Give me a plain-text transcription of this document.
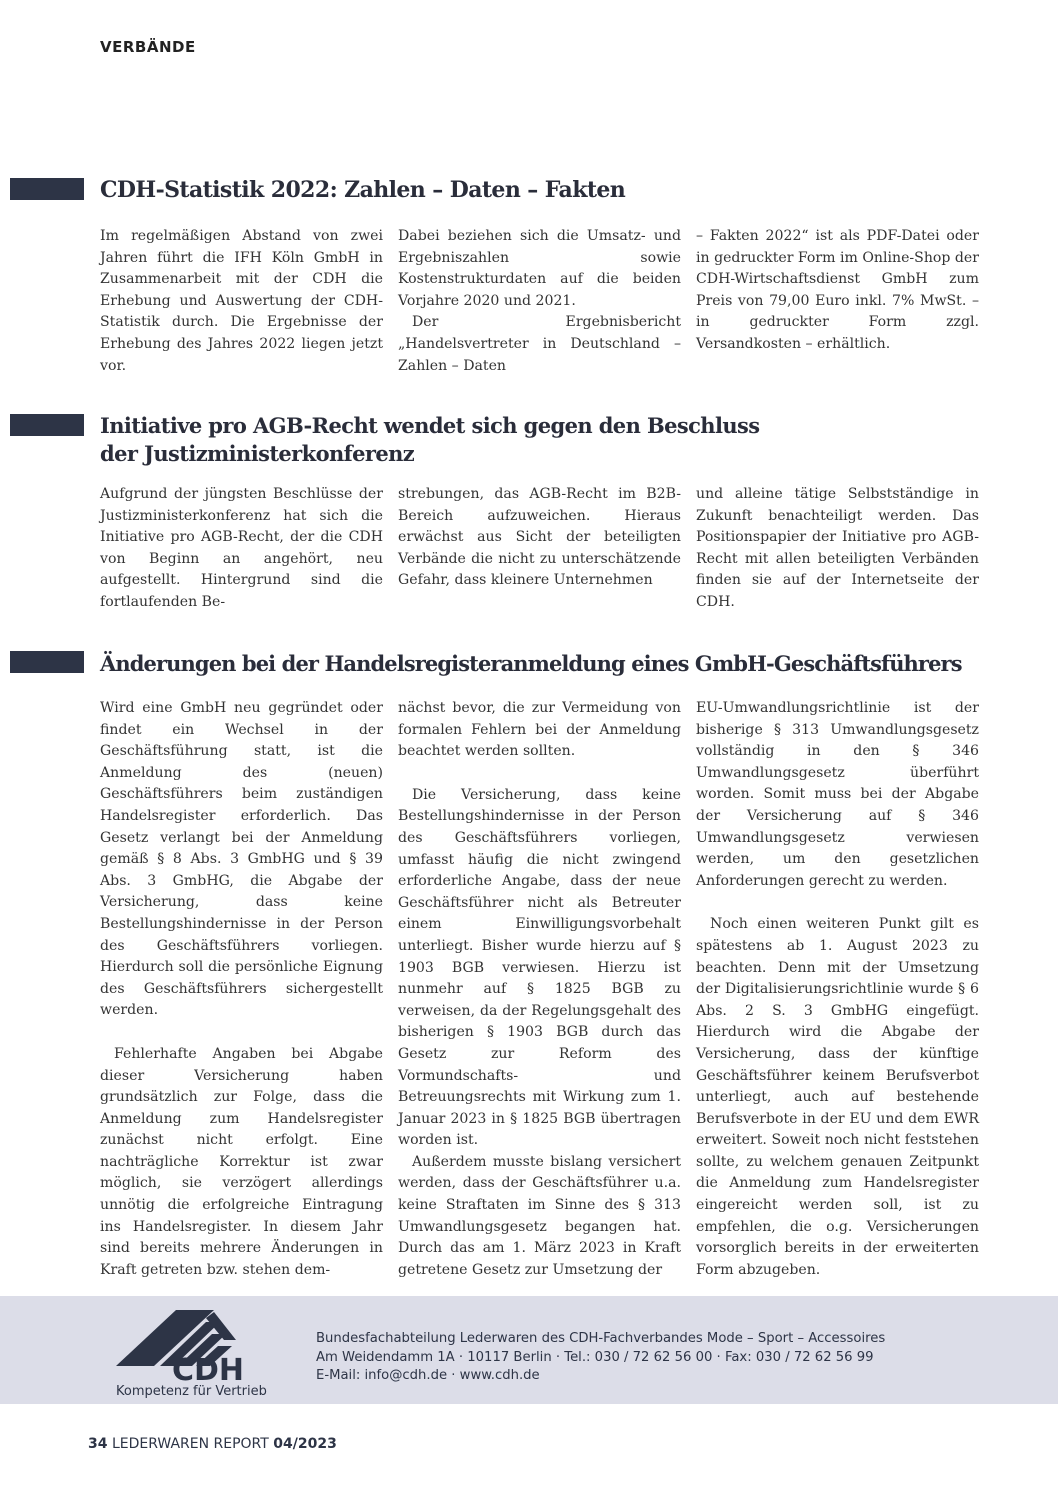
VERBÄNDE
CDH-Statistik 2022: Zahlen – Daten – Fakten

Im regelmäßigen Abstand von zwei Jahren führt die IFH Köln GmbH in Zusammenarbeit mit der CDH die Erhebung und Auswertung der CDH-Statistik durch. Die Ergebnisse der Erhebung des Jahres 2022 liegen jetzt vor.

Dabei beziehen sich die Umsatz- und Ergebniszahlen sowie Kostenstrukturdaten auf die beiden Vorjahre 2020 und 2021.

Der Ergebnisbericht „Handelsvertreter in Deutschland – Zahlen – Daten

– Fakten 2022“ ist als PDF-Datei oder in gedruckter Form im Online-Shop der CDH-Wirtschaftsdienst GmbH zum Preis von 79,00 Euro inkl. 7% MwSt. – in gedruckter Form zzgl. Versandkosten – erhältlich.

Initiative pro AGB-Recht wendet sich gegen den Beschluss der Justizministerkonferenz

Aufgrund der jüngsten Beschlüsse der Justizministerkonferenz hat sich die Initiative pro AGB-Recht, der die CDH von Beginn an angehört, neu aufgestellt. Hintergrund sind die fortlaufenden Be-

strebungen, das AGB-Recht im B2B-Bereich aufzuweichen. Hieraus erwächst aus Sicht der beteiligten Verbände die nicht zu unterschätzende Gefahr, dass kleinere Unternehmen

und alleine tätige Selbstständige in Zukunft benachteiligt werden. Das Positionspapier der Initiative pro AGB-Recht mit allen beteiligten Verbänden finden sie auf der Internetseite der CDH.

Änderungen bei der Handelsregisteranmeldung eines GmbH-Geschäftsführers

Wird eine GmbH neu gegründet oder findet ein Wechsel in der Geschäftsführung statt, ist die Anmeldung des (neuen) Geschäftsführers beim zuständigen Handelsregister erforderlich. Das Gesetz verlangt bei der Anmeldung gemäß § 8 Abs. 3 GmbHG und § 39 Abs. 3 GmbHG, die Abgabe der Versicherung, dass keine Bestellungshindernisse in der Person des Geschäftsführers vorliegen. Hierdurch soll die persönliche Eignung des Geschäftsführers sichergestellt werden.

Fehlerhafte Angaben bei Abgabe dieser Versicherung haben grundsätzlich zur Folge, dass die Anmeldung zum Handelsregister zunächst nicht erfolgt. Eine nachträgliche Korrektur ist zwar möglich, sie verzögert allerdings unnötig die erfolgreiche Eintragung ins Handelsregister. In diesem Jahr sind bereits mehrere Änderungen in Kraft getreten bzw. stehen dem-

nächst bevor, die zur Vermeidung von formalen Fehlern bei der Anmeldung beachtet werden sollten.

Die Versicherung, dass keine Bestellungshindernisse in der Person des Geschäftsführers vorliegen, umfasst häufig die nicht zwingend erforderliche Angabe, dass der neue Geschäftsführer nicht als Betreuter einem Einwilligungsvorbehalt unterliegt. Bisher wurde hierzu auf § 1903 BGB verwiesen. Hierzu ist nunmehr auf § 1825 BGB zu verweisen, da der Regelungsgehalt des bisherigen § 1903 BGB durch das Gesetz zur Reform des Vormundschafts- und Betreuungsrechts mit Wirkung zum 1. Januar 2023 in § 1825 BGB übertragen worden ist.

Außerdem musste bislang versichert werden, dass der Geschäftsführer u.a. keine Straftaten im Sinne des § 313 Umwandlungsgesetz begangen hat. Durch das am 1. März 2023 in Kraft getretene Gesetz zur Umsetzung der

EU-Umwandlungsrichtlinie ist der bisherige § 313 Umwandlungsgesetz vollständig in den § 346 Umwandlungsgesetz überführt worden. Somit muss bei der Abgabe der Versicherung auf § 346 Umwandlungsgesetz verwiesen werden, um den gesetzlichen Anforderungen gerecht zu werden.

Noch einen weiteren Punkt gilt es spätestens ab 1. August 2023 zu beachten. Denn mit der Umsetzung der Digitalisierungsrichtlinie wurde § 6 Abs. 2 S. 3 GmbHG eingefügt. Hierdurch wird die Abgabe der Versicherung, dass der künftige Geschäftsführer keinem Berufsverbot unterliegt, auch auf bestehende Berufsverbote in der EU und dem EWR erweitert. Soweit noch nicht feststehen sollte, zu welchem genauen Zeitpunkt die Anmeldung zum Handelsregister eingereicht werden soll, ist zu empfehlen, die o.g. Versicherungen vorsorglich bereits in der erweiterten Form abzugeben.

CDH
Kompetenz für Vertrieb
Bundesfachabteilung Lederwaren des CDH-Fachverbandes Mode – Sport – Accessoires
Am Weidendamm 1A · 10117 Berlin · Tel.: 030 / 72 62 56 00 · Fax: 030 / 72 62 56 99
E-Mail: info@cdh.de · www.cdh.de
34 LEDERWAREN REPORT 04/2023
